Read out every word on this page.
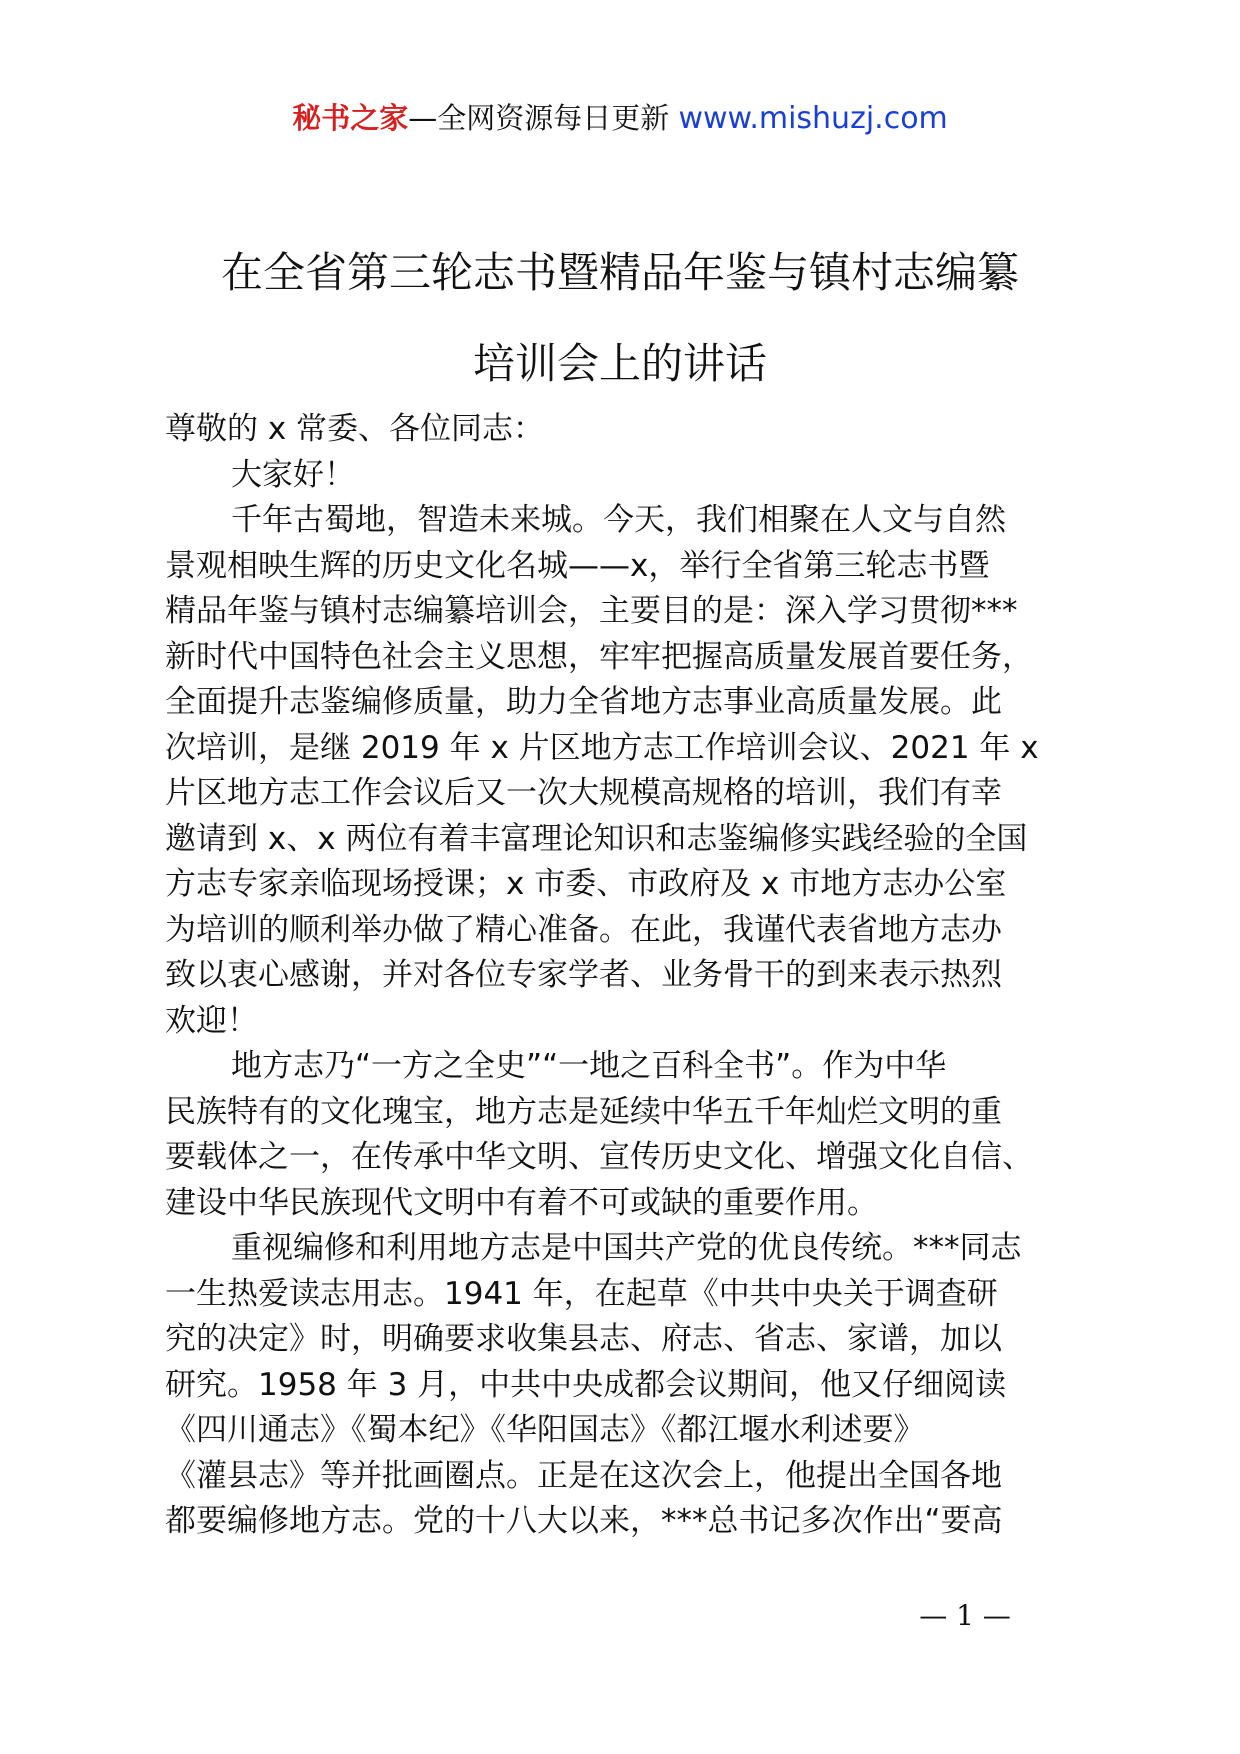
秘书之家—全网资源每日更新 www.mishuzj.com
在全省第三轮志书暨精品年鉴与镇村志编纂
培训会上的讲话
尊敬的 x 常委、各位同志：
大家好！
千年古蜀地，智造未来城。今天，我们相聚在人文与自然
景观相映生辉的历史文化名城——x，举行全省第三轮志书暨
精品年鉴与镇村志编纂培训会，主要目的是：深入学习贯彻***
新时代中国特色社会主义思想，牢牢把握高质量发展首要任务，
全面提升志鉴编修质量，助力全省地方志事业高质量发展。此
次培训，是继 2019 年 x 片区地方志工作培训会议、2021 年 x
片区地方志工作会议后又一次大规模高规格的培训，我们有幸
邀请到 x、x 两位有着丰富理论知识和志鉴编修实践经验的全国
方志专家亲临现场授课；x 市委、市政府及 x 市地方志办公室
为培训的顺利举办做了精心准备。在此，我谨代表省地方志办
致以衷心感谢，并对各位专家学者、业务骨干的到来表示热烈
欢迎！
地方志乃“一方之全史”“一地之百科全书”。作为中华
民族特有的文化瑰宝，地方志是延续中华五千年灿烂文明的重
要载体之一，在传承中华文明、宣传历史文化、增强文化自信、
建设中华民族现代文明中有着不可或缺的重要作用。
重视编修和利用地方志是中国共产党的优良传统。***同志
一生热爱读志用志。1941 年，在起草《中共中央关于调查研
究的决定》时，明确要求收集县志、府志、省志、家谱，加以
研究。1958 年 3 月，中共中央成都会议期间，他又仔细阅读
《四川通志》《蜀本纪》《华阳国志》《都江堰水利述要》
《灌县志》等并批画圈点。正是在这次会上，他提出全国各地
都要编修地方志。党的十八大以来，***总书记多次作出“要高
— 1 —
